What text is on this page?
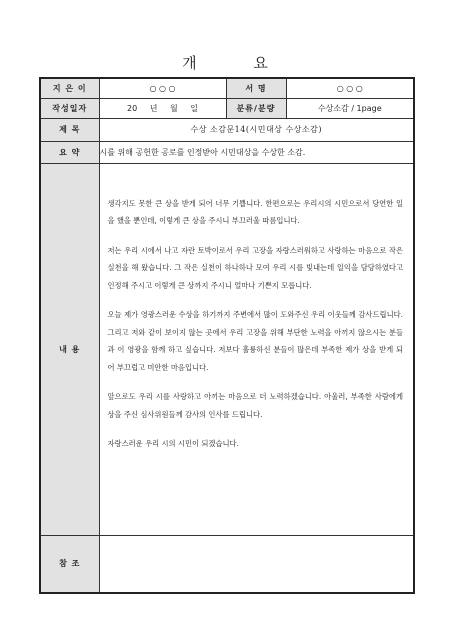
개 요
지 은 이	○ ○ ○	서 명	○ ○ ○
작성일자	20 년 월 일	분류/분량	수상소감 / 1page
제 목	수상 소감문14(시민대상 수상소감)		
요 약	시를 위해 공헌한 공로를 인정받아 시민대상을 수상한 소감.		
내 용	생각지도 못한 큰 상을 받게 되어 너무 기쁩니다. 한편으로는 우리시의 시민으로서 당연한 일을 했을 뿐인데, 이렇게 큰 상을 주시니 부끄러울 따름입니다.

저는 우리 시에서 나고 자란 토박이로서 우리 고장을 자랑스러워하고 사랑하는 마음으로 작은 실천을 해 왔습니다. 그 작은 실천이 하나하나 모여 우리 시를 빛내는데 일익을 담당하였다고 인정해 주시고 이렇게 큰 상까지 주시니 얼마나 기쁜지 모릅니다.

오늘 제가 영광스러운 수상을 하기까지 주변에서 많이 도와주신 우리 이웃들께 감사드립니다. 그리고 저와 같이 보이지 않는 곳에서 우리 고장을 위해 부단한 노력을 아끼지 않으시는 분들과 이 영광을 함께 하고 싶습니다. 저보다 훌륭하신 분들이 많은데 부족한 제가 상을 받게 되어 부끄럽고 미안한 마음입니다.

앞으로도 우리 시를 사랑하고 아끼는 마음으로 더 노력하겠습니다. 아울러, 부족한 사람에게 상을 주신 심사위원들께 감사의 인사를 드립니다.

자랑스러운 우리 시의 시민이 되겠습니다.		

참 조			
